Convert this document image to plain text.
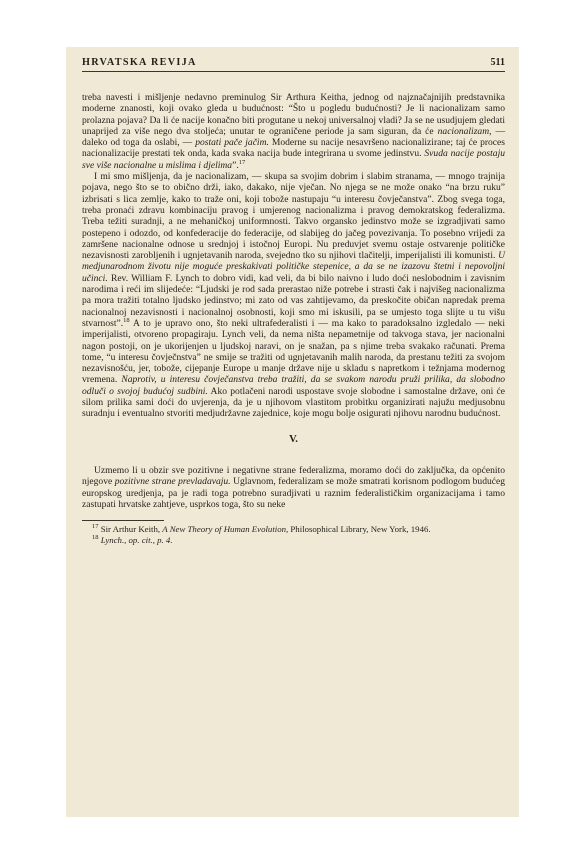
HRVATSKA REVIJA	511

treba navesti i mišljenje nedavno preminulog Sir Arthura Keitha, jednog od najznačajnijih predstavnika moderne znanosti, koji ovako gleda u budućnost: “Što u pogledu budućnosti? Je li nacionalizam samo prolazna pojava? Da li će nacije konačno biti progutane u nekoj universalnoj vladi? Ja se ne usudjujem gledati unaprijed za više nego dva stoljeća; unutar te ograničene periode ja sam siguran, da će nacionalizam, — daleko od toga da oslabi, — postati pače jačim. Moderne su nacije nesavršeno nacionalizirane; taj će proces nacionalizacije prestati tek onda, kada svaka nacija bude integrirana u svome jedinstvu. Svuda nacije postaju sve više nacionalne u mislima i djelima”.$^{17}$

I mi smo mišljenja, da je nacionalizam, — skupa sa svojim dobrim i slabim stranama, — mnogo trajnija pojava, nego što se to obično drži, iako, dakako, nije vječan. No njega se ne može onako “na brzu ruku” izbrisati s lica zemlje, kako to traže oni, koji tobože nastupaju “u interesu čovječanstva”. Zbog svega toga, treba pronaći zdravu kombinaciju pravog i umjerenog nacionalizma i pravog demokratskog federalizma. Treba težiti suradnji, a ne mehaničkoj uniformnosti. Takvo organsko jedinstvo može se izgradjivati samo postepeno i odozdo, od konfederacije do federacije, od slabijeg do jačeg povezivanja. To posebno vrijedi za zamršene nacionalne odnose u srednjoj i istočnoj Europi. Nu preduvjet svemu ostaje ostvarenje političke nezavisnosti zarobljenih i ugnjetavanih naroda, svejedno tko su njihovi tlačitelji, imperijalisti ili komunisti. U medjunarodnom životu nije moguće preskakivati političke stepenice, a da se ne izazovu štetni i nepovoljni učinci. Rev. William F. Lynch to dobro vidi, kad veli, da bi bilo naivno i ludo doći neslobodnim i zavisnim narodima i reći im slijedeće: “Ljudski je rod sada prerastao niže potrebe i strasti čak i najvišeg nacionalizma pa mora tražiti totalno ljudsko jedinstvo; mi zato od vas zahtijevamo, da preskočite običan napredak prema nacionalnoj nezavisnosti i nacionalnoj osobnosti, koji smo mi iskusili, pa se umjesto toga slijte u tu višu stvarnost”.$^{18}$ A to je upravo ono, što neki ultrafederalisti i — ma kako to paradoksalno izgledalo — neki imperijalisti, otvoreno propagiraju. Lynch veli, da nema ništa nepametnije od takvoga stava, jer nacionalni nagon postoji, on je ukorijenjen u ljudskoj naravi, on je snažan, pa s njime treba svakako računati. Prema tome, “u interesu čovječnstva” ne smije se tražiti od ugnjetavanih malih naroda, da prestanu težiti za svojom nezavisnošću, jer, tobože, cijepanje Europe u manje države nije u skladu s napretkom i težnjama modernog vremena. Naprotiv, u interesu čovječanstva treba tražiti, da se svakom narodu pruži prilika, da slobodno odluči o svojoj budućoj sudbini. Ako potlačeni narodi uspostave svoje slobodne i samostalne države, oni će silom prilika sami doći do uvjerenja, da je u njihovom vlastitom probitku organizirati najužu medjusobnu suradnju i eventualno stvoriti medjudržavne zajednice, koje mogu bolje osigurati njihovu narodnu budućnost.

V.

Uzmemo li u obzir sve pozitivne i negativne strane federalizma, moramo doći do zaključka, da općenito njegove pozitivne strane prevladavaju. Uglavnom, federalizam se može smatrati korisnom podlogom budućeg europskog uredjenja, pa je radi toga potrebno suradjivati u raznim federalističkim organizacijama i tamo zastupati hrvatske zahtjeve, usprkos toga, što su neke

$^{17}$ Sir Arthur Keith, A New Theory of Human Evolution, Philosophical Library, New York, 1946.

$^{18}$ Lynch., op. cit., p. 4.
